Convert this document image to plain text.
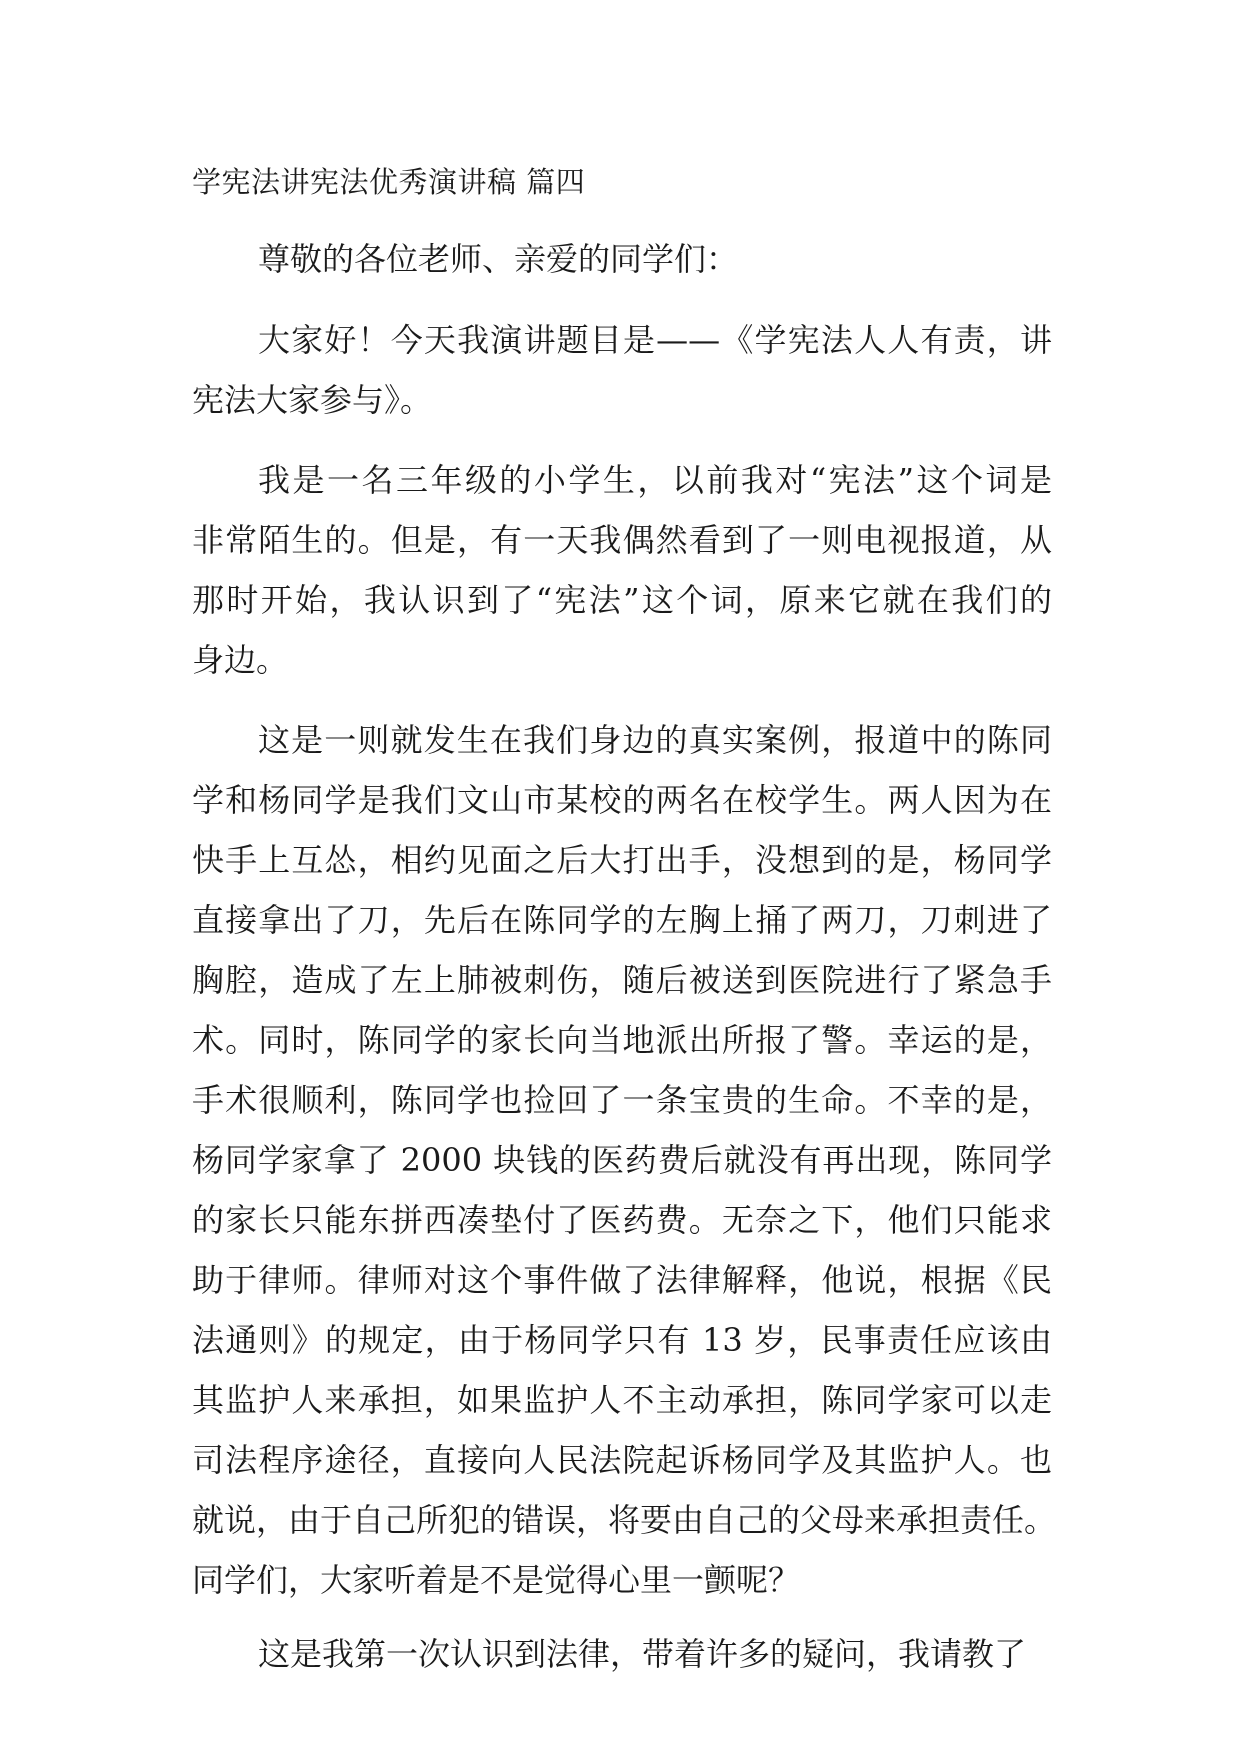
学宪法讲宪法优秀演讲稿 篇四
尊敬的各位老师、亲爱的同学们：
大家好！今天我演讲题目是——《学宪法人人有责，讲
宪法大家参与》。
我是一名三年级的小学生，以前我对“宪法”这个词是
非常陌生的。但是，有一天我偶然看到了一则电视报道，从
那时开始，我认识到了“宪法”这个词，原来它就在我们的
身边。
这是一则就发生在我们身边的真实案例，报道中的陈同
学和杨同学是我们文山市某校的两名在校学生。两人因为在
快手上互怂，相约见面之后大打出手，没想到的是，杨同学
直接拿出了刀，先后在陈同学的左胸上捅了两刀，刀刺进了
胸腔，造成了左上肺被刺伤，随后被送到医院进行了紧急手
术。同时，陈同学的家长向当地派出所报了警。幸运的是，
手术很顺利，陈同学也捡回了一条宝贵的生命。不幸的是，
杨同学家拿了 2000 块钱的医药费后就没有再出现，陈同学
的家长只能东拼西凑垫付了医药费。无奈之下，他们只能求
助于律师。律师对这个事件做了法律解释，他说，根据《民
法通则》的规定，由于杨同学只有 13 岁，民事责任应该由
其监护人来承担，如果监护人不主动承担，陈同学家可以走
司法程序途径，直接向人民法院起诉杨同学及其监护人。也
就说，由于自己所犯的错误，将要由自己的父母来承担责任。
同学们，大家听着是不是觉得心里一颤呢？
这是我第一次认识到法律，带着许多的疑问，我请教了
